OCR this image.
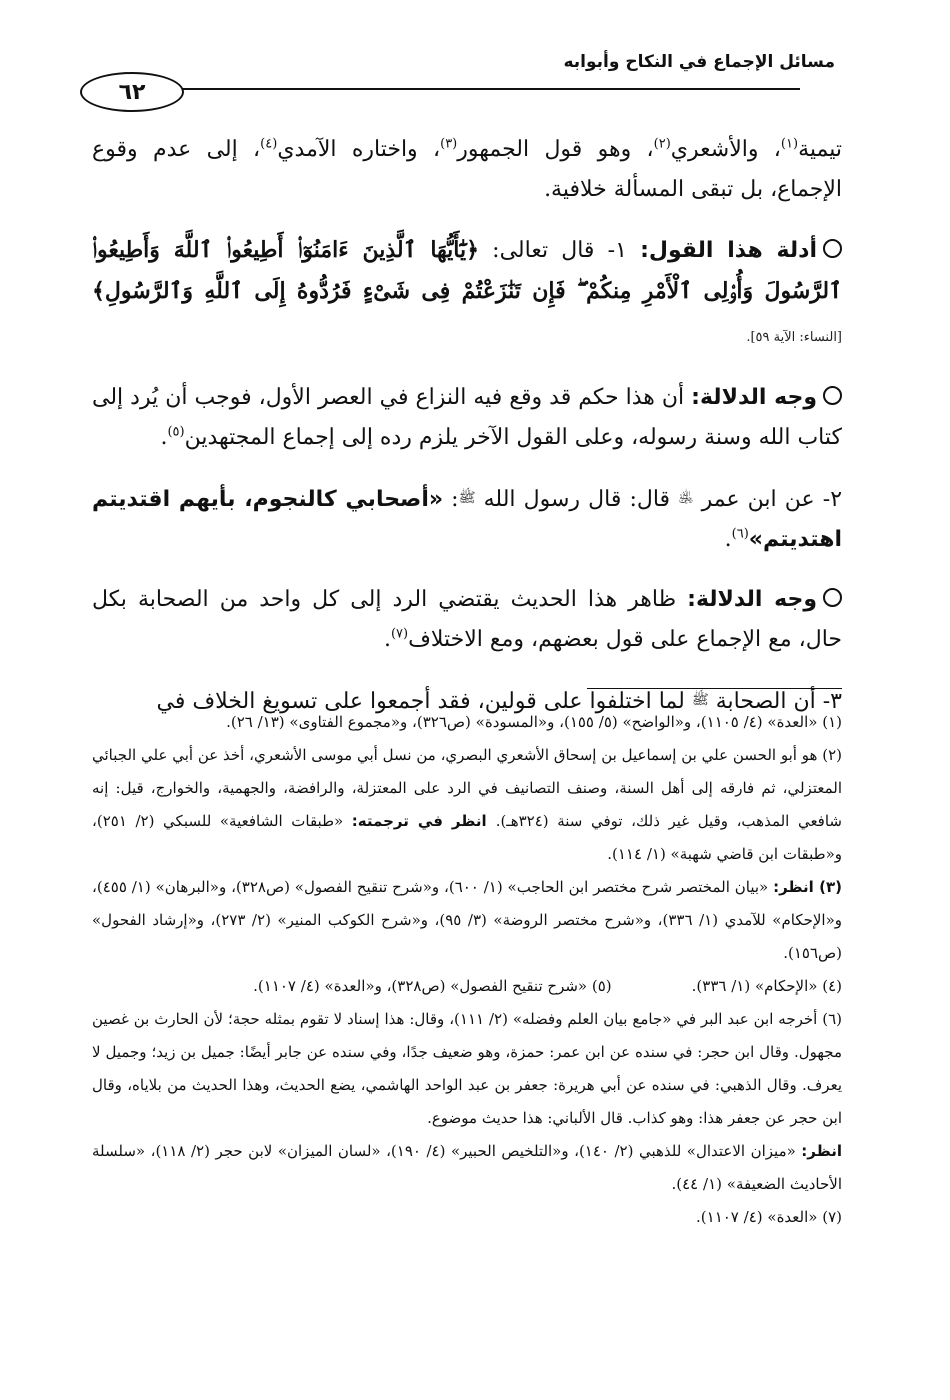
مسائل الإجماع في النكاح وأبوابه
٦٢

تيمية$^{(١)}$، والأشعري$^{(٢)}$، وهو قول الجمهور$^{(٣)}$، واختاره الآمدي$^{(٤)}$، إلى عدم وقوع الإجماع، بل تبقى المسألة خلافية.

أدلة هذا القول: ١- قال تعالى: ﴿يَٰٓأَيُّهَا ٱلَّذِينَ ءَامَنُوٓا۟ أَطِيعُوا۟ ٱللَّهَ وَأَطِيعُوا۟ ٱلرَّسُولَ وَأُو۟لِى ٱلْأَمْرِ مِنكُمْ ۖ فَإِن تَنَٰزَعْتُمْ فِى شَىْءٍ فَرُدُّوهُ إِلَى ٱللَّهِ وَٱلرَّسُولِ﴾ [النساء: الآية ٥٩].

وجه الدلالة: أن هذا حكم قد وقع فيه النزاع في العصر الأول، فوجب أن يُرد إلى كتاب الله وسنة رسوله، وعلى القول الآخر يلزم رده إلى إجماع المجتهدين$^{(٥)}$.

٢- عن ابن عمر ﵁ قال: قال رسول الله ﷺ: «أصحابي كالنجوم، بأيهم اقتديتم اهتديتم»$^{(٦)}$.

وجه الدلالة: ظاهر هذا الحديث يقتضي الرد إلى كل واحد من الصحابة بكل حال، مع الإجماع على قول بعضهم، ومع الاختلاف$^{(٧)}$.

٣- أن الصحابة ﷺ لما اختلفوا على قولين، فقد أجمعوا على تسويغ الخلاف في

(١) «العدة» (٤/ ١١٠٥)، و«الواضح» (٥/ ١٥٥)، و«المسودة» (ص٣٢٦)، و«مجموع الفتاوى» (١٣/ ٢٦).

(٢) هو أبو الحسن علي بن إسماعيل بن إسحاق الأشعري البصري، من نسل أبي موسى الأشعري، أخذ عن أبي علي الجبائي المعتزلي، ثم فارقه إلى أهل السنة، وصنف التصانيف في الرد على المعتزلة، والرافضة، والجهمية، والخوارج، قيل: إنه شافعي المذهب، وقيل غير ذلك، توفي سنة (٣٢٤هـ). انظر في ترجمته: «طبقات الشافعية» للسبكي (٢/ ٢٥١)، و«طبقات ابن قاضي شهبة» (١/ ١١٤).

(٣) انظر: «بيان المختصر شرح مختصر ابن الحاجب» (١/ ٦٠٠)، و«شرح تنقيح الفصول» (ص٣٢٨)، و«البرهان» (١/ ٤٥٥)، و«الإحكام» للآمدي (١/ ٣٣٦)، و«شرح مختصر الروضة» (٣/ ٩٥)، و«شرح الكوكب المنير» (٢/ ٢٧٣)، و«إرشاد الفحول» (ص١٥٦).

(٤) «الإحكام» (١/ ٣٣٦).
(٥) «شرح تنقيح الفصول» (ص٣٢٨)، و«العدة» (٤/ ١١٠٧).

(٦) أخرجه ابن عبد البر في «جامع بيان العلم وفضله» (٢/ ١١١)، وقال: هذا إسناد لا تقوم بمثله حجة؛ لأن الحارث بن غصين مجهول. وقال ابن حجر: في سنده عن ابن عمر: حمزة، وهو ضعيف جدًا، وفي سنده عن جابر أيضًا: جميل بن زيد؛ وجميل لا يعرف. وقال الذهبي: في سنده عن أبي هريرة: جعفر بن عبد الواحد الهاشمي، يضع الحديث، وهذا الحديث من بلاياه، وقال ابن حجر عن جعفر هذا: وهو كذاب. قال الألباني: هذا حديث موضوع.

انظر: «ميزان الاعتدال» للذهبي (٢/ ١٤٠)، و«التلخيص الحبير» (٤/ ١٩٠)، «لسان الميزان» لابن حجر (٢/ ١١٨)، «سلسلة الأحاديث الضعيفة» (١/ ٤٤).

(٧) «العدة» (٤/ ١١٠٧).
